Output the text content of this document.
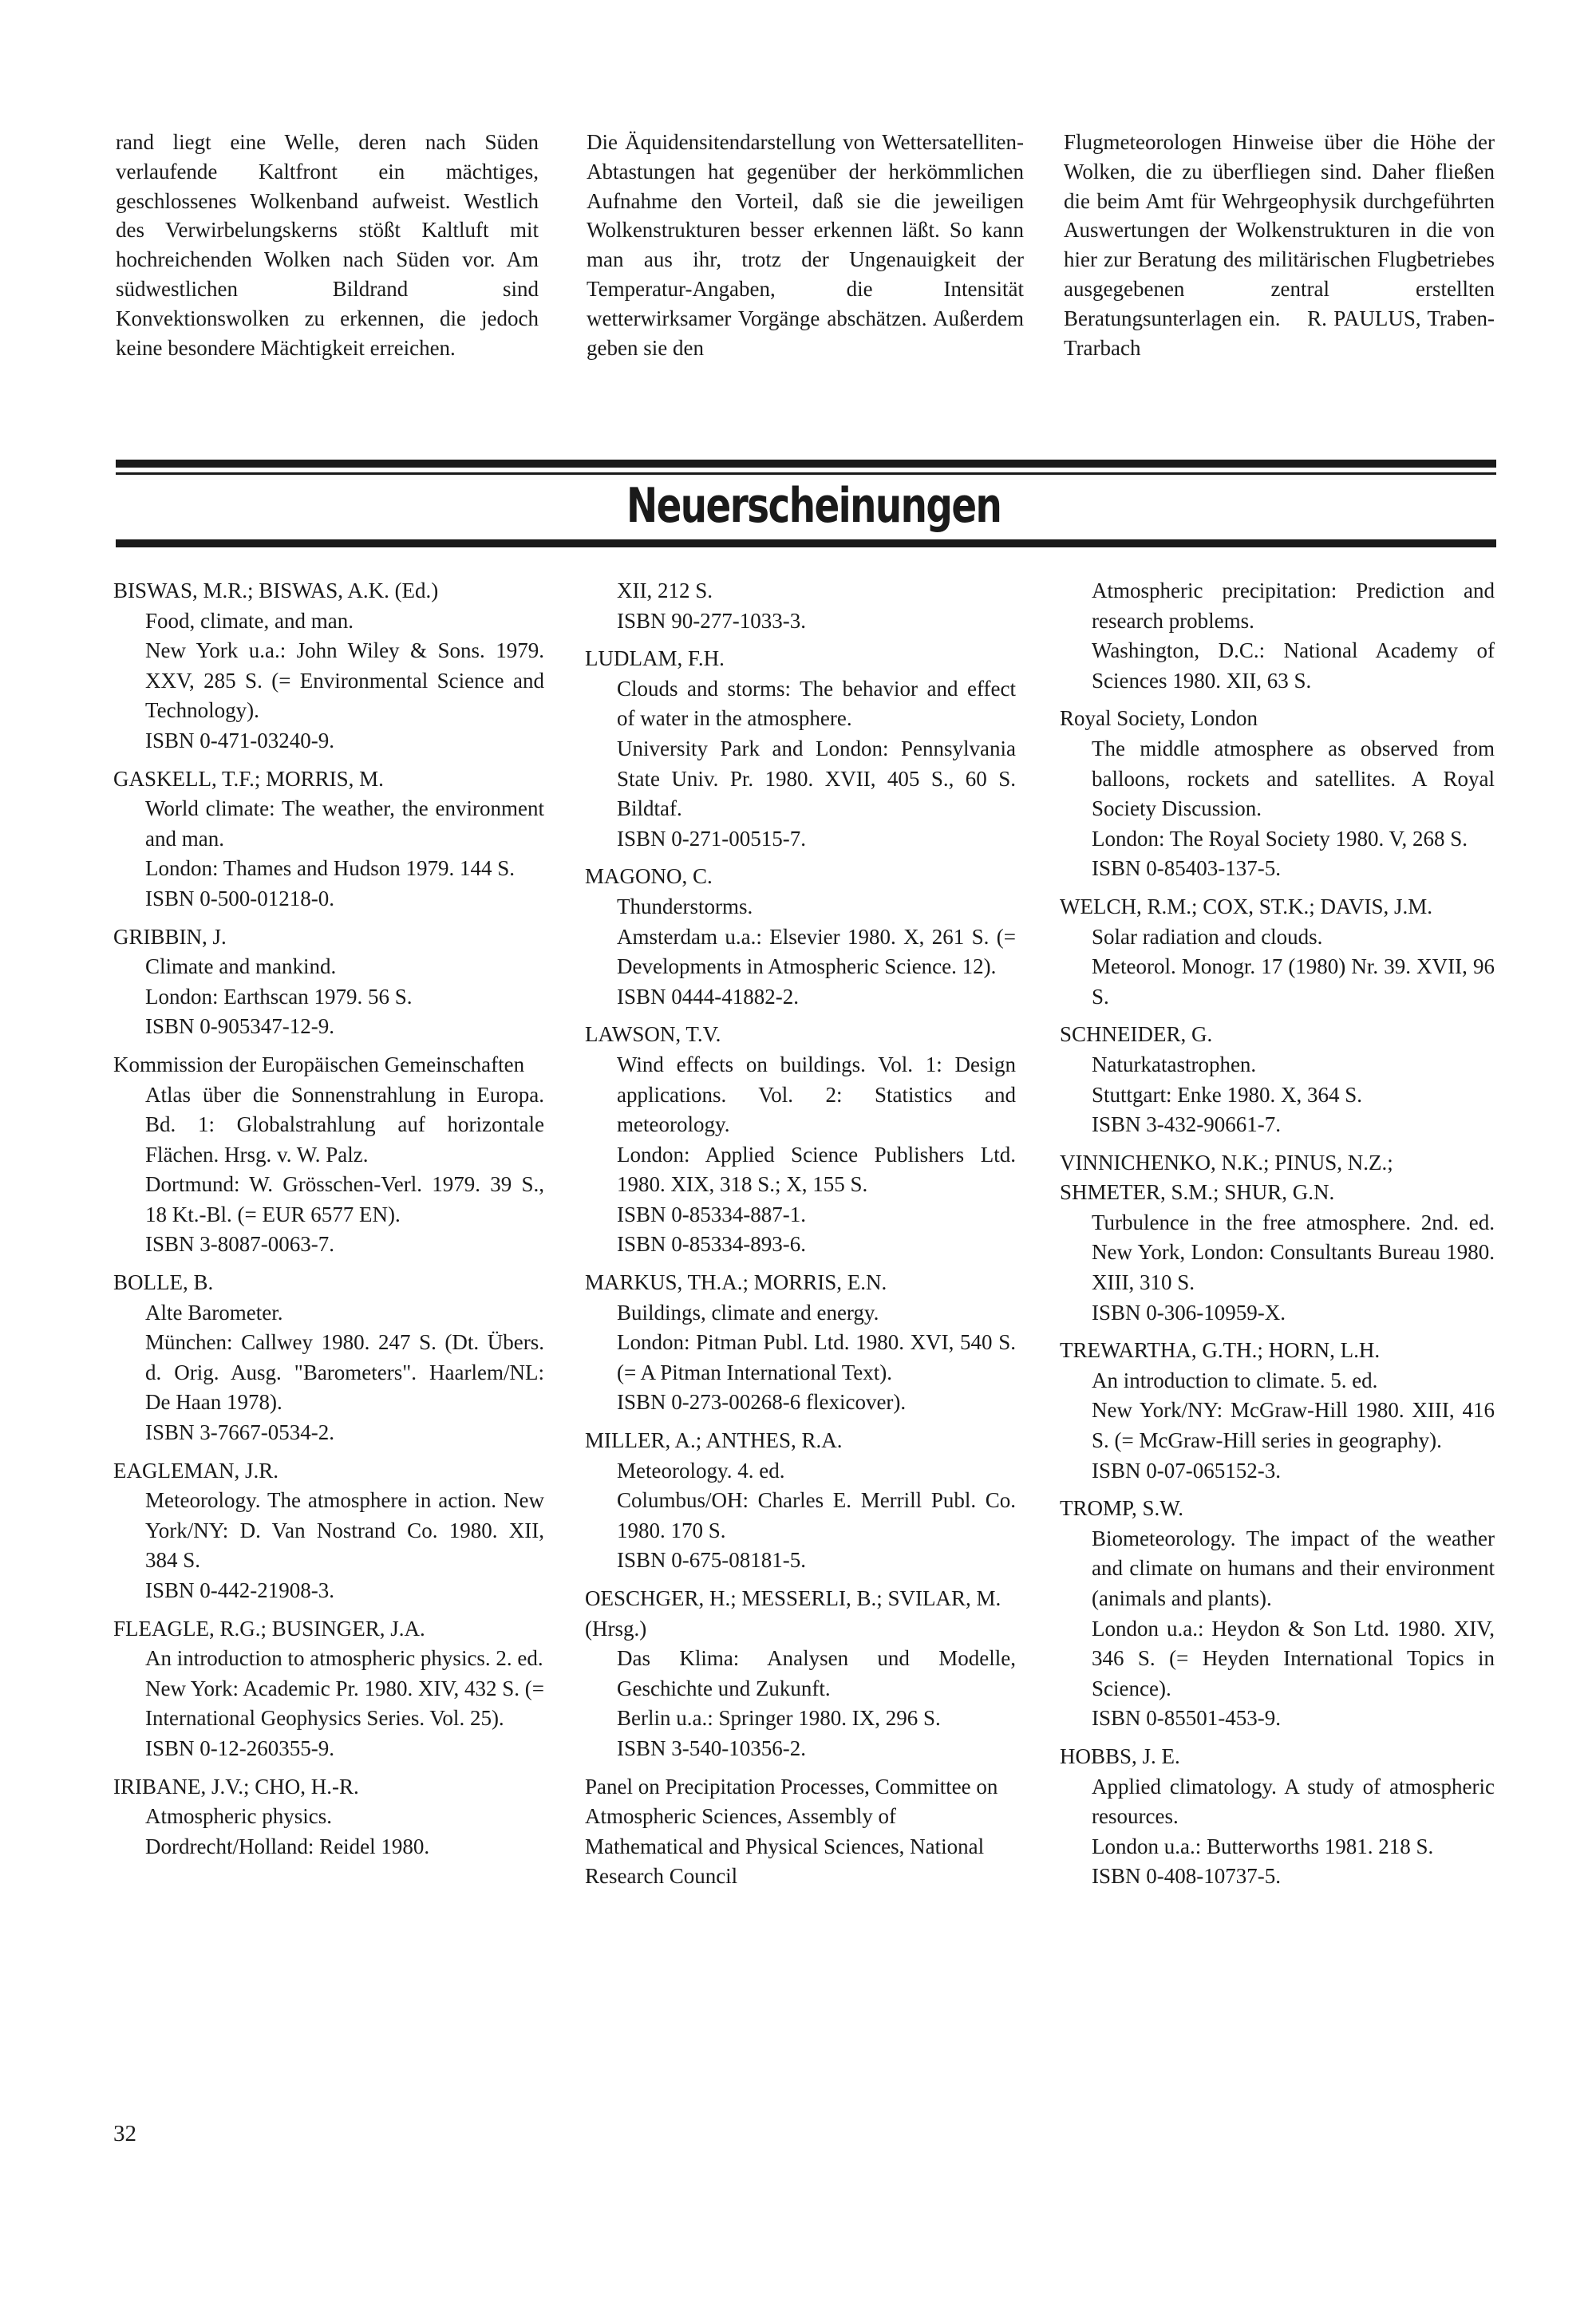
rand liegt eine Welle, deren nach Süden verlaufende Kaltfront ein mächtiges, geschlossenes Wolkenband aufweist. Westlich des Verwirbelungskerns stößt Kaltluft mit hochreichenden Wolken nach Süden vor. Am südwestlichen Bildrand sind Konvektionswolken zu erkennen, die jedoch keine besondere Mächtigkeit erreichen.

Die Äquidensitendarstellung von Wettersatelliten-Abtastungen hat gegenüber der herkömmlichen Aufnahme den Vorteil, daß sie die jeweiligen Wolkenstrukturen besser erkennen läßt. So kann man aus ihr, trotz der Ungenauigkeit der Temperatur-Angaben, die Intensität wetterwirksamer Vorgänge abschätzen. Außerdem geben sie den

Flugmeteorologen Hinweise über die Höhe der Wolken, die zu überfliegen sind. Daher fließen die beim Amt für Wehrgeophysik durchgeführten Auswertungen der Wolkenstrukturen in die von hier zur Beratung des militärischen Flugbetriebes ausgegebenen zentral erstellten Beratungsunterlagen ein. R. PAULUS, Traben-Trarbach

Neuerscheinungen
BISWAS, M.R.; BISWAS, A.K. (Ed.)
Food, climate, and man.
New York u.a.: John Wiley & Sons. 1979. XXV, 285 S. (= Environmental Science and Technology).
ISBN 0-471-03240-9.
GASKELL, T.F.; MORRIS, M.
World climate: The weather, the environment and man.
London: Thames and Hudson 1979. 144 S.
ISBN 0-500-01218-0.
GRIBBIN, J.
Climate and mankind.
London: Earthscan 1979. 56 S.
ISBN 0-905347-12-9.
Kommission der Europäischen Gemeinschaften
Atlas über die Sonnenstrahlung in Europa. Bd. 1: Globalstrahlung auf horizontale Flächen. Hrsg. v. W. Palz.
Dortmund: W. Grösschen-Verl. 1979. 39 S., 18 Kt.-Bl. (= EUR 6577 EN).
ISBN 3-8087-0063-7.
BOLLE, B.
Alte Barometer.
München: Callwey 1980. 247 S. (Dt. Übers. d. Orig. Ausg. "Barometers". Haarlem/NL: De Haan 1978).
ISBN 3-7667-0534-2.
EAGLEMAN, J.R.
Meteorology. The atmosphere in action. New York/NY: D. Van Nostrand Co. 1980. XII, 384 S.
ISBN 0-442-21908-3.
FLEAGLE, R.G.; BUSINGER, J.A.
An introduction to atmospheric physics. 2. ed.
New York: Academic Pr. 1980. XIV, 432 S. (= International Geophysics Series. Vol. 25).
ISBN 0-12-260355-9.
IRIBANE, J.V.; CHO, H.-R.
Atmospheric physics.
Dordrecht/Holland: Reidel 1980.
XII, 212 S.
ISBN 90-277-1033-3.
LUDLAM, F.H.
Clouds and storms: The behavior and effect of water in the atmosphere.
University Park and London: Pennsylvania State Univ. Pr. 1980. XVII, 405 S., 60 S. Bildtaf.
ISBN 0-271-00515-7.
MAGONO, C.
Thunderstorms.
Amsterdam u.a.: Elsevier 1980. X, 261 S. (= Developments in Atmospheric Science. 12).
ISBN 0444-41882-2.
LAWSON, T.V.
Wind effects on buildings. Vol. 1: Design applications. Vol. 2: Statistics and meteorology.
London: Applied Science Publishers Ltd. 1980. XIX, 318 S.; X, 155 S.
ISBN 0-85334-887-1.
ISBN 0-85334-893-6.
MARKUS, TH.A.; MORRIS, E.N.
Buildings, climate and energy.
London: Pitman Publ. Ltd. 1980. XVI, 540 S. (= A Pitman International Text).
ISBN 0-273-00268-6 flexicover).
MILLER, A.; ANTHES, R.A.
Meteorology. 4. ed.
Columbus/OH: Charles E. Merrill Publ. Co. 1980. 170 S.
ISBN 0-675-08181-5.
OESCHGER, H.; MESSERLI, B.; SVILAR, M. (Hrsg.)
Das Klima: Analysen und Modelle, Geschichte und Zukunft.
Berlin u.a.: Springer 1980. IX, 296 S.
ISBN 3-540-10356-2.
Panel on Precipitation Processes, Committee on Atmospheric Sciences, Assembly of Mathematical and Physical Sciences, National Research Council
Atmospheric precipitation: Prediction and research problems.
Washington, D.C.: National Academy of Sciences 1980. XII, 63 S.
Royal Society, London
The middle atmosphere as observed from balloons, rockets and satellites. A Royal Society Discussion.
London: The Royal Society 1980. V, 268 S.
ISBN 0-85403-137-5.
WELCH, R.M.; COX, ST.K.; DAVIS, J.M.
Solar radiation and clouds.
Meteorol. Monogr. 17 (1980) Nr. 39. XVII, 96 S.
SCHNEIDER, G.
Naturkatastrophen.
Stuttgart: Enke 1980. X, 364 S.
ISBN 3-432-90661-7.
VINNICHENKO, N.K.; PINUS, N.Z.; SHMETER, S.M.; SHUR, G.N.
Turbulence in the free atmosphere. 2nd. ed. New York, London: Consultants Bureau 1980. XIII, 310 S.
ISBN 0-306-10959-X.
TREWARTHA, G.TH.; HORN, L.H.
An introduction to climate. 5. ed.
New York/NY: McGraw-Hill 1980. XIII, 416 S. (= McGraw-Hill series in geography).
ISBN 0-07-065152-3.
TROMP, S.W.
Biometeorology. The impact of the weather and climate on humans and their environment (animals and plants).
London u.a.: Heydon & Son Ltd. 1980. XIV, 346 S. (= Heyden International Topics in Science).
ISBN 0-85501-453-9.
HOBBS, J. E.
Applied climatology. A study of atmospheric resources.
London u.a.: Butterworths 1981. 218 S.
ISBN 0-408-10737-5.
32
